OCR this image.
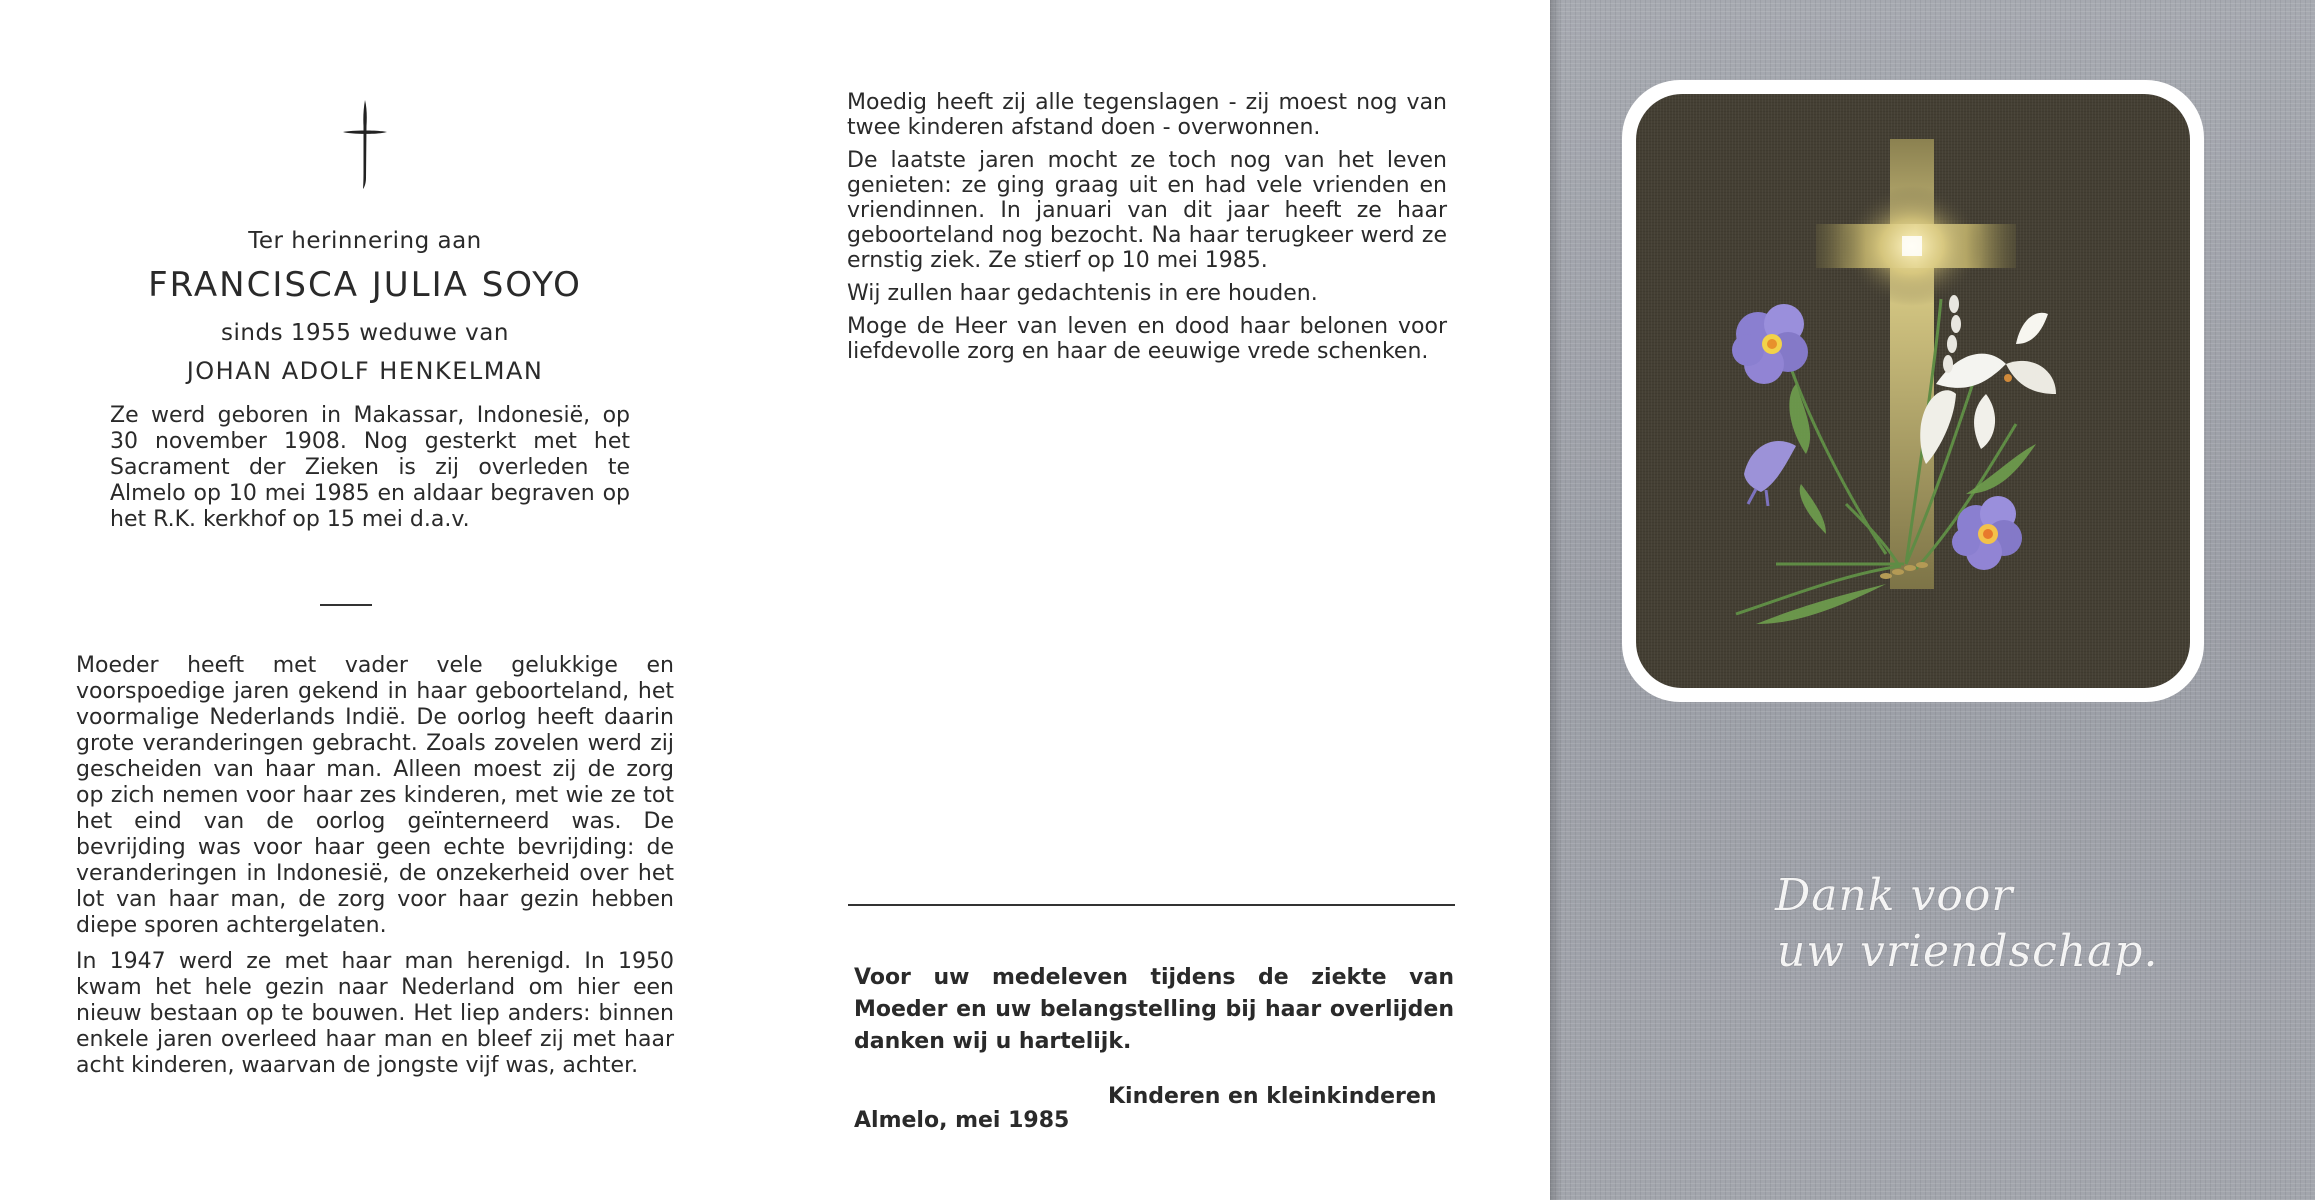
Ter herinnering aan
FRANCISCA JULIA SOYO
sinds 1955 weduwe van
JOHAN ADOLF HENKELMAN
Ze werd geboren in Makassar, Indonesië, op 30 november 1908. Nog gesterkt met het Sacrament der Zieken is zij overleden te Almelo op 10 mei 1985 en aldaar begraven op het R.K. kerkhof op 15 mei d.a.v.

Moeder heeft met vader vele gelukkige en voorspoedige jaren gekend in haar geboorteland, het voormalige Nederlands Indië. De oorlog heeft daarin grote veranderingen gebracht. Zoals zovelen werd zij gescheiden van haar man. Alleen moest zij de zorg op zich nemen voor haar zes kinderen, met wie ze tot het eind van de oorlog geïnterneerd was. De bevrijding was voor haar geen echte bevrijding: de veranderingen in Indonesië, de onzekerheid over het lot van haar man, de zorg voor haar gezin hebben diepe sporen achtergelaten.

In 1947 werd ze met haar man herenigd. In 1950 kwam het hele gezin naar Nederland om hier een nieuw bestaan op te bouwen. Het liep anders: binnen enkele jaren overleed haar man en bleef zij met haar acht kinderen, waarvan de jongste vijf was, achter.

Moedig heeft zij alle tegenslagen - zij moest nog van twee kinderen afstand doen - overwonnen.

De laatste jaren mocht ze toch nog van het leven genieten: ze ging graag uit en had vele vrienden en vriendinnen. In januari van dit jaar heeft ze haar geboorteland nog bezocht. Na haar terugkeer werd ze ernstig ziek. Ze stierf op 10 mei 1985.

Wij zullen haar gedachtenis in ere houden.

Moge de Heer van leven en dood haar belonen voor liefdevolle zorg en haar de eeuwige vrede schenken.

Voor uw medeleven tijdens de ziekte van Moeder en uw belangstelling bij haar overlijden danken wij u hartelijk.
Kinderen en kleinkinderen
Almelo, mei 1985
Dank voor
uw vriendschap.
